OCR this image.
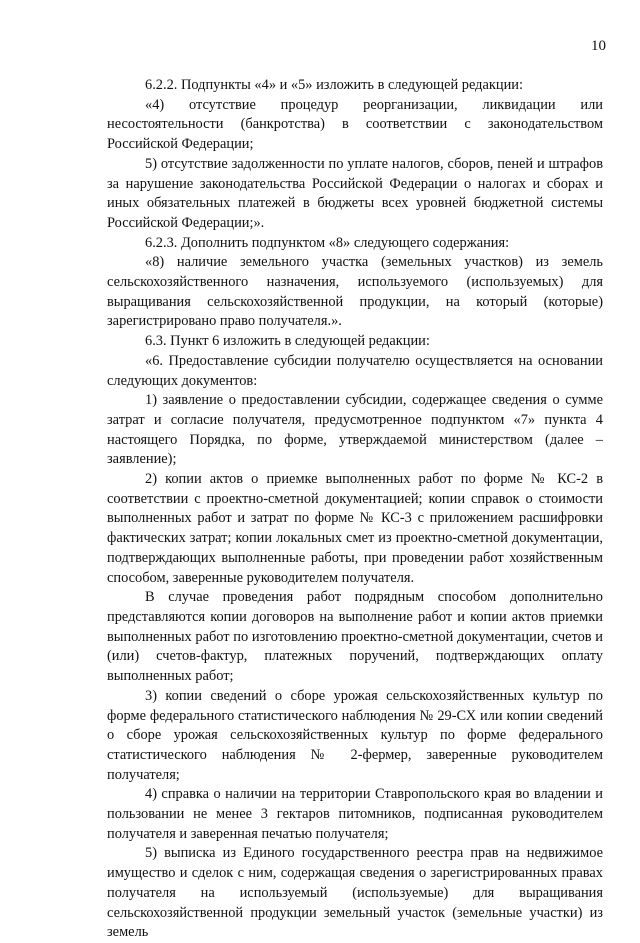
10

6.2.2. Подпункты «4» и «5» изложить в следующей редакции:

«4) отсутствие процедур реорганизации, ликвидации или несостоятельности (банкротства) в соответствии с законодательством Российской Федерации;

5) отсутствие задолженности по уплате налогов, сборов, пеней и штрафов за нарушение законодательства Российской Федерации о налогах и сборах и иных обязательных платежей в бюджеты всех уровней бюджетной системы Российской Федерации;».

6.2.3. Дополнить подпунктом «8» следующего содержания:

«8) наличие земельного участка (земельных участков) из земель сельскохозяйственного назначения, используемого (используемых) для выращивания сельскохозяйственной продукции, на который (которые) зарегистрировано право получателя.».

6.3. Пункт 6 изложить в следующей редакции:

«6. Предоставление субсидии получателю осуществляется на основании следующих документов:

1) заявление о предоставлении субсидии, содержащее сведения о сумме затрат и согласие получателя, предусмотренное подпунктом «7» пункта 4 настоящего Порядка, по форме, утверждаемой министерством (далее – заявление);

2) копии актов о приемке выполненных работ по форме № КС-2 в соответствии с проектно-сметной документацией; копии справок о стоимости выполненных работ и затрат по форме № КС-3 с приложением расшифровки фактических затрат; копии локальных смет из проектно-сметной документации, подтверждающих выполненные работы, при проведении работ хозяйственным способом, заверенные руководителем получателя.

В случае проведения работ подрядным способом дополнительно представляются копии договоров на выполнение работ и копии актов приемки выполненных работ по изготовлению проектно-сметной документации, счетов и (или) счетов-фактур, платежных поручений, подтверждающих оплату выполненных работ;

3) копии сведений о сборе урожая сельскохозяйственных культур по форме федерального статистического наблюдения № 29-СХ или копии сведений о сборе урожая сельскохозяйственных культур по форме федерального статистического наблюдения № 2-фермер, заверенные руководителем получателя;

4) справка о наличии на территории Ставропольского края во владении и пользовании не менее 3 гектаров питомников, подписанная руководителем получателя и заверенная печатью получателя;

5) выписка из Единого государственного реестра прав на недвижимое имущество и сделок с ним, содержащая сведения о зарегистрированных правах получателя на используемый (используемые) для выращивания сельскохозяйственной продукции земельный участок (земельные участки) из земель
